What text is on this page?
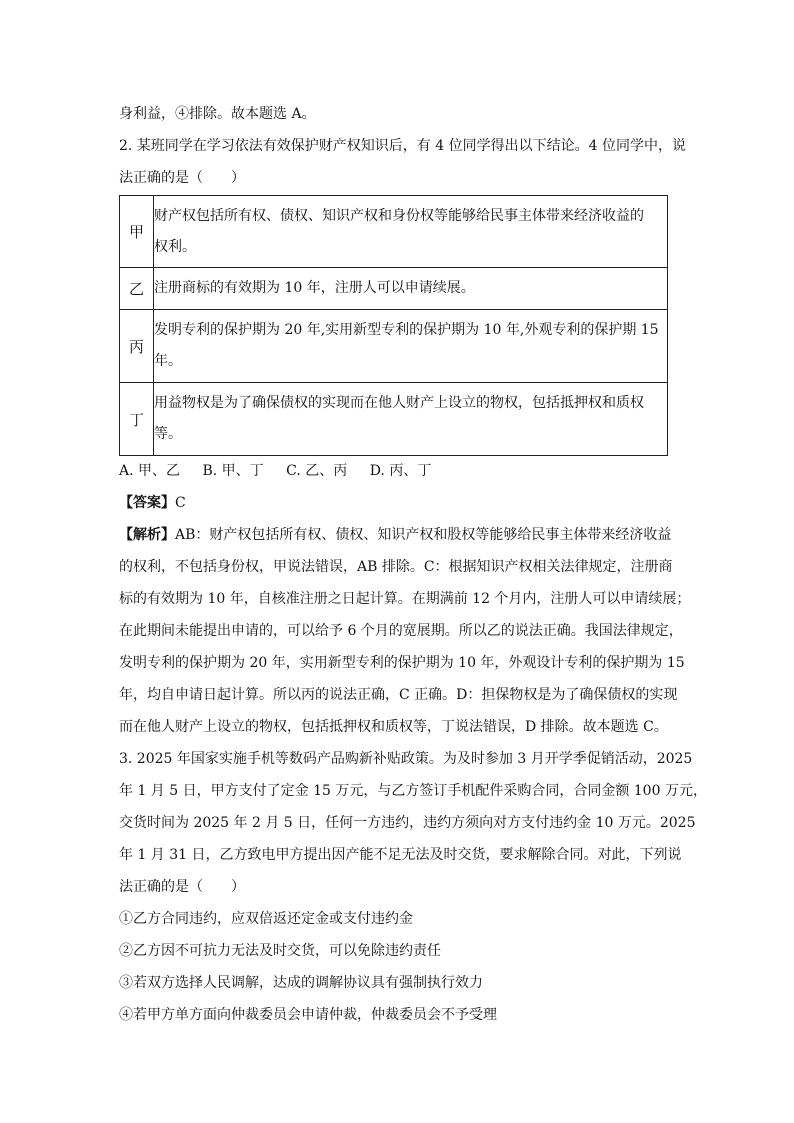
身利益，④排除。故本题选 A。
2. 某班同学在学习依法有效保护财产权知识后，有 4 位同学得出以下结论。4 位同学中，说
法正确的是（　　）
甲	财产权包括所有权、债权、知识产权和身份权等能够给民事主体带来经济收益的
权利。

乙	注册商标的有效期为 10 年，注册人可以申请续展。

丙	发明专利的保护期为 20 年,实用新型专利的保护期为 10 年,外观专利的保护期 15
年。

丁	用益物权是为了确保债权的实现而在他人财产上设立的物权，包括抵押权和质权
等。
A. 甲、乙 B. 甲、丁 C. 乙、丙 D. 丙、丁
【答案】C
【解析】AB：财产权包括所有权、债权、知识产权和股权等能够给民事主体带来经济收益
的权利，不包括身份权，甲说法错误，AB 排除。C：根据知识产权相关法律规定，注册商
标的有效期为 10 年，自核准注册之日起计算。在期满前 12 个月内，注册人可以申请续展；
在此期间未能提出申请的，可以给予 6 个月的宽展期。所以乙的说法正确。我国法律规定，
发明专利的保护期为 20 年，实用新型专利的保护期为 10 年，外观设计专利的保护期为 15
年，均自申请日起计算。所以丙的说法正确，C 正确。D：担保物权是为了确保债权的实现
而在他人财产上设立的物权，包括抵押权和质权等，丁说法错误，D 排除。故本题选 C。
3. 2025 年国家实施手机等数码产品购新补贴政策。为及时参加 3 月开学季促销活动，2025
年 1 月 5 日，甲方支付了定金 15 万元，与乙方签订手机配件采购合同，合同金额 100 万元，
交货时间为 2025 年 2 月 5 日，任何一方违约，违约方须向对方支付违约金 10 万元。2025
年 1 月 31 日，乙方致电甲方提出因产能不足无法及时交货，要求解除合同。对此，下列说
法正确的是（　　）
①乙方合同违约，应双倍返还定金或支付违约金
②乙方因不可抗力无法及时交货，可以免除违约责任
③若双方选择人民调解，达成的调解协议具有强制执行效力
④若甲方单方面向仲裁委员会申请仲裁，仲裁委员会不予受理
